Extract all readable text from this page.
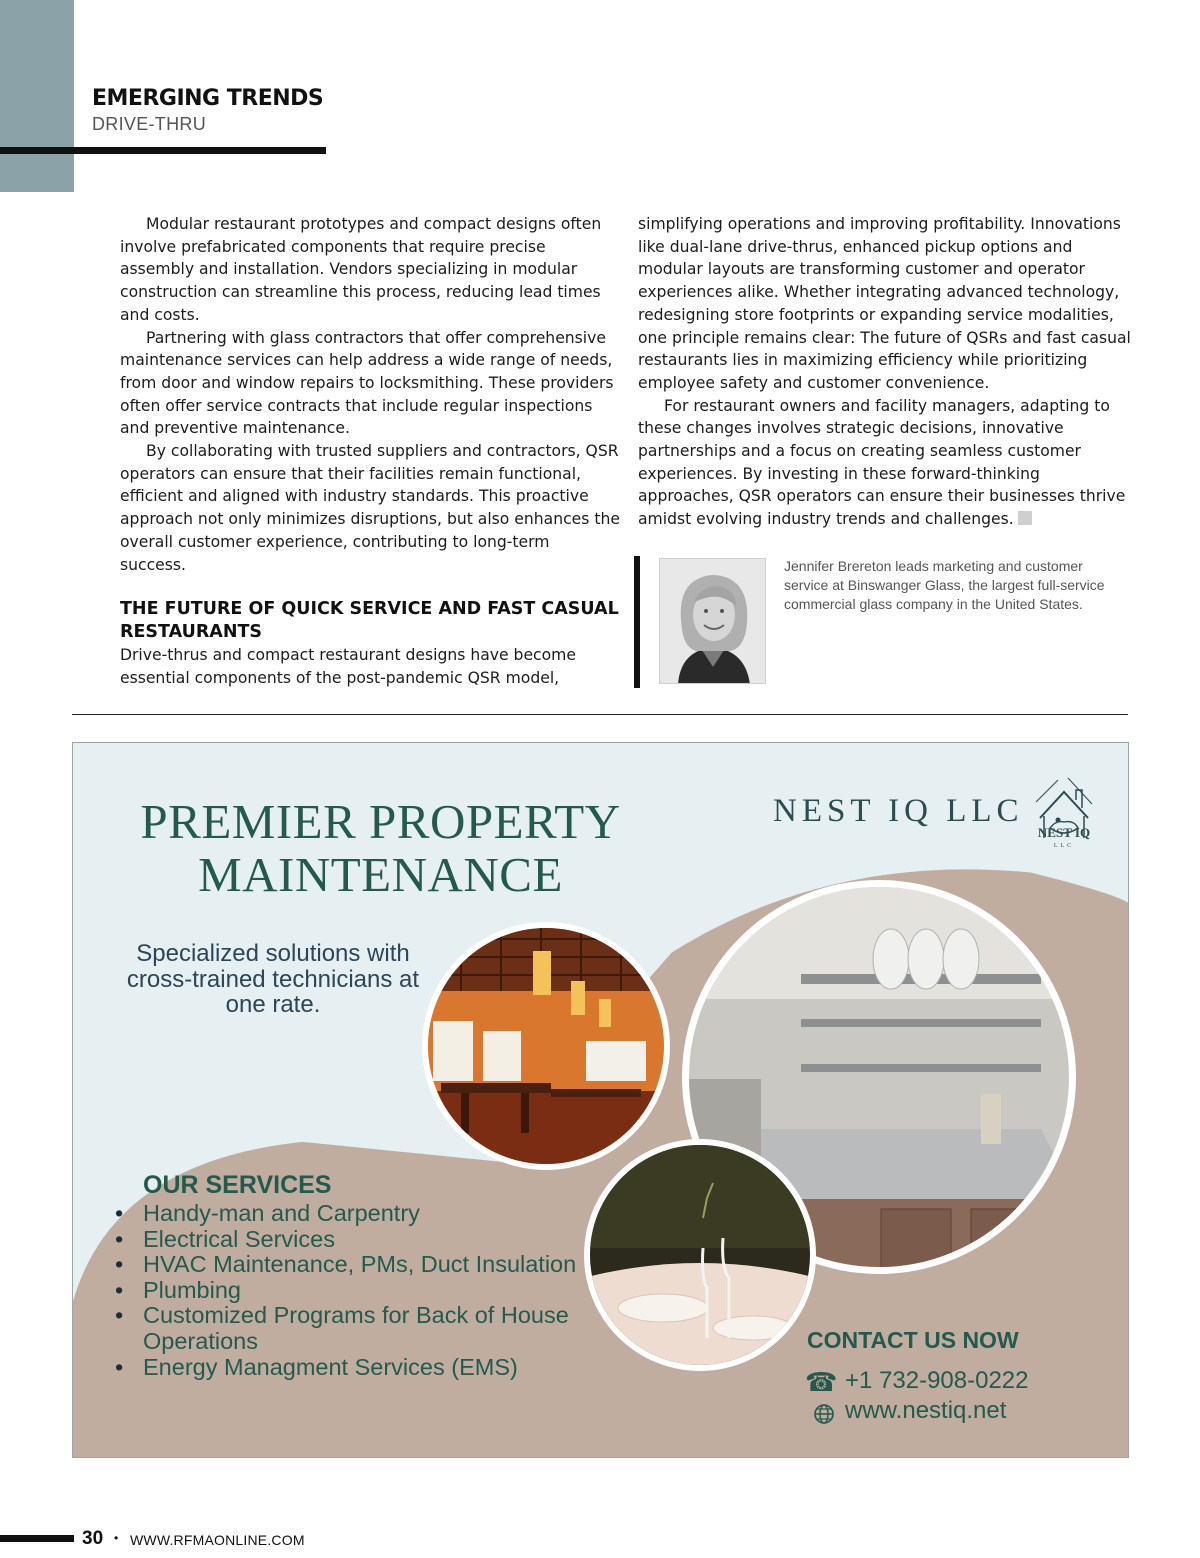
EMERGING TRENDS
DRIVE-THRU

Modular restaurant prototypes and compact designs often involve prefabricated components that require precise assembly and installation. Vendors specializing in modular construction can streamline this process, reducing lead times and costs.

Partnering with glass contractors that offer comprehensive maintenance services can help address a wide range of needs, from door and window repairs to locksmithing. These providers often offer service contracts that include regular inspections and preventive maintenance.

By collaborating with trusted suppliers and contractors, QSR operators can ensure that their facilities remain functional, efficient and aligned with industry standards. This proactive approach not only minimizes disruptions, but also enhances the overall customer experience, contributing to long-term success.

THE FUTURE OF QUICK SERVICE AND FAST CASUAL RESTAURANTS

Drive-thrus and compact restaurant designs have become essential components of the post-pandemic QSR model,

simplifying operations and improving profitability. Innovations like dual-lane drive-thrus, enhanced pickup options and modular layouts are transforming customer and operator experiences alike. Whether integrating advanced technology, redesigning store footprints or expanding service modalities, one principle remains clear: The future of QSRs and fast casual restaurants lies in maximizing efficiency while prioritizing employee safety and customer convenience.

For restaurant owners and facility managers, adapting to these changes involves strategic decisions, innovative partnerships and a focus on creating seamless customer experiences. By investing in these forward-thinking approaches, QSR operators can ensure their businesses thrive amidst evolving industry trends and challenges.

Jennifer Brereton leads marketing and customer service at Binswanger Glass, the largest full-service commercial glass company in the United States.
PREMIER PROPERTY MAINTENANCE
Specialized solutions with cross-trained technicians at one rate.
NEST IQ LLC
NEST IQ
LLC
OUR SERVICES
• Handy-man and Carpentry
• Electrical Services
• HVAC Maintenance, PMs, Duct Insulation
• Plumbing
• Customized Programs for Back of House Operations
• Energy Managment Services (EMS)
CONTACT US NOW
☎ +1 732-908-0222
www.nestiq.net
30 • WWW.RFMAONLINE.COM
